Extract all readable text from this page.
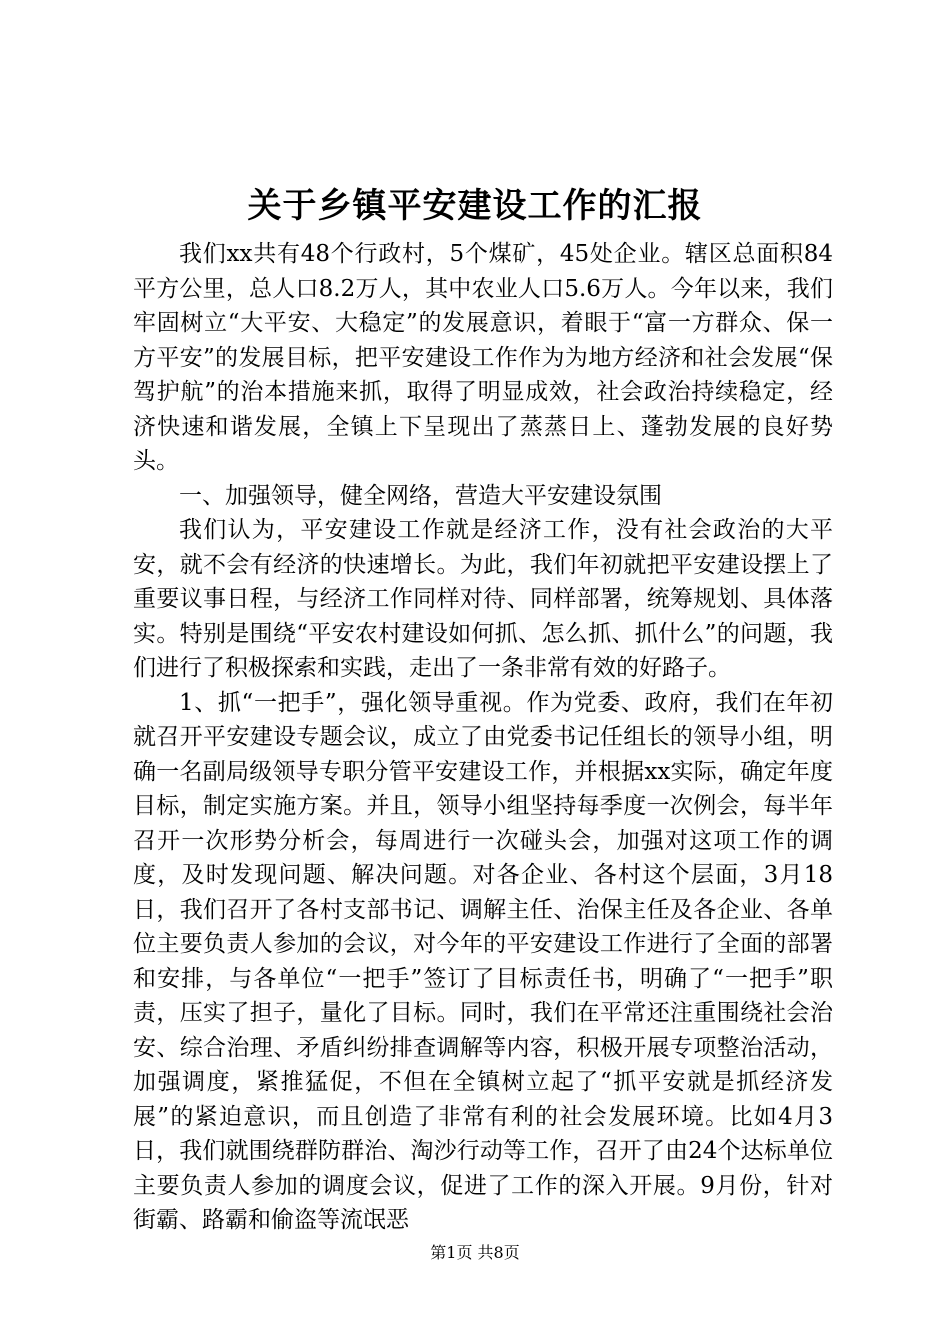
关于乡镇平安建设工作的汇报

我们xx共有48个行政村，5个煤矿，45处企业。辖区总面积84平方公里，总人口8.2万人，其中农业人口5.6万人。今年以来，我们牢固树立“大平安、大稳定”的发展意识，着眼于“富一方群众、保一方平安”的发展目标，把平安建设工作作为为地方经济和社会发展“保驾护航”的治本措施来抓，取得了明显成效，社会政治持续稳定，经济快速和谐发展，全镇上下呈现出了蒸蒸日上、蓬勃发展的良好势头。

一、加强领导，健全网络，营造大平安建设氛围

我们认为，平安建设工作就是经济工作，没有社会政治的大平安，就不会有经济的快速增长。为此，我们年初就把平安建设摆上了重要议事日程，与经济工作同样对待、同样部署，统筹规划、具体落实。特别是围绕“平安农村建设如何抓、怎么抓、抓什么”的问题，我们进行了积极探索和实践，走出了一条非常有效的好路子。

1、抓“一把手”，强化领导重视。作为党委、政府，我们在年初就召开平安建设专题会议，成立了由党委书记任组长的领导小组，明确一名副局级领导专职分管平安建设工作，并根据xx实际，确定年度目标，制定实施方案。并且，领导小组坚持每季度一次例会，每半年召开一次形势分析会，每周进行一次碰头会，加强对这项工作的调度，及时发现问题、解决问题。对各企业、各村这个层面，3月18日，我们召开了各村支部书记、调解主任、治保主任及各企业、各单位主要负责人参加的会议，对今年的平安建设工作进行了全面的部署和安排，与各单位“一把手”签订了目标责任书，明确了“一把手”职责，压实了担子，量化了目标。同时，我们在平常还注重围绕社会治安、综合治理、矛盾纠纷排查调解等内容，积极开展专项整治活动，加强调度，紧推猛促，不但在全镇树立起了“抓平安就是抓经济发展”的紧迫意识，而且创造了非常有利的社会发展环境。比如4月3日，我们就围绕群防群治、淘沙行动等工作，召开了由24个达标单位主要负责人参加的调度会议，促进了工作的深入开展。9月份，针对街霸、路霸和偷盗等流氓恶

第1页 共8页
